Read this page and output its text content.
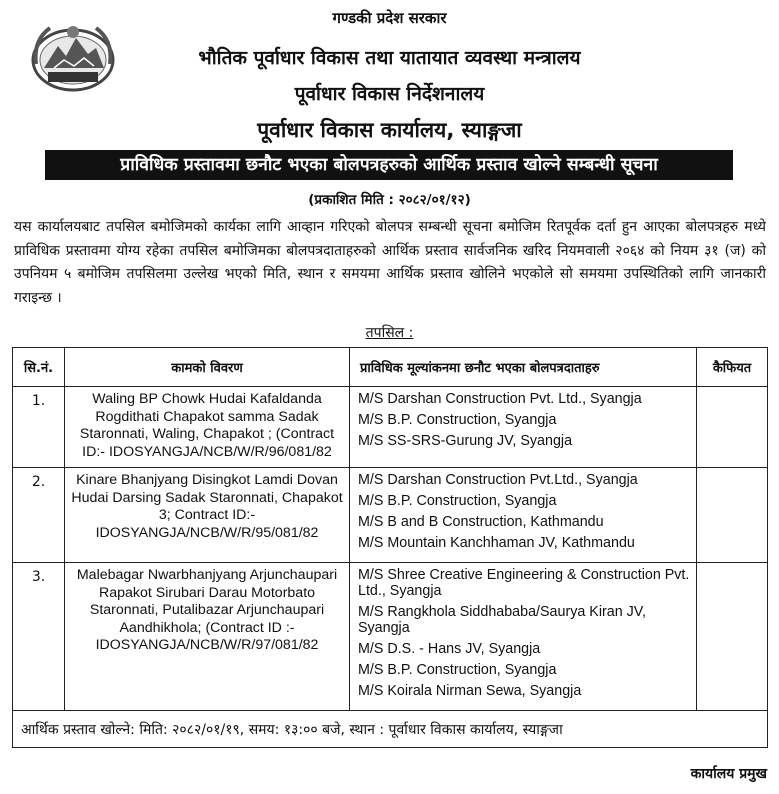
गण्डकी प्रदेश सरकार
भौतिक पूर्वाधार विकास तथा यातायात व्यवस्था मन्त्रालय
पूर्वाधार विकास निर्देशनालय
पूर्वाधार विकास कार्यालय, स्याङ्गजा
प्राविधिक प्रस्तावमा छनौट भएका बोलपत्रहरुको आर्थिक प्रस्ताव खोल्ने सम्बन्धी सूचना
(प्रकाशित मिति : २०८२/०१/१२)

यस कार्यालयबाट तपसिल बमोजिमको कार्यका लागि आव्हान गरिएको बोलपत्र सम्बन्धी सूचना बमोजिम रितपूर्वक दर्ता हुन आएका बोलपत्रहरु मध्ये प्राविधिक प्रस्तावमा योग्य रहेका तपसिल बमोजिमका बोलपत्रदाताहरुको आर्थिक प्रस्ताव सार्वजनिक खरिद नियमवाली २०६४ को नियम ३१ (ज) को उपनियम ५ बमोजिम तपसिलमा उल्लेख भएको मिति, स्थान र समयमा आर्थिक प्रस्ताव खोलिने भएकोले सो समयमा उपस्थितिको लागि जानकारी गराइन्छ ।

तपसिल :
सि.नं.	कामको विवरण	प्राविधिक मूल्यांकनमा छनौट भएका बोलपत्रदाताहरु	कैफियत
1.	Waling BP Chowk Hudai Kafaldanda Rogdithati Chapakot samma Sadak Staronnati, Waling, Chapakot ; (Contract ID:- IDOSYANGJA/NCB/W/R/96/081/82	M/S Darshan Construction Pvt. Ltd., Syangja
M/S B.P. Construction, Syangja
M/S SS-SRS-Gurung JV, Syangja	

2.	Kinare Bhanjyang Disingkot Lamdi Dovan Hudai Darsing Sadak Staronnati, Chapakot 3; Contract ID:- IDOSYANGJA/NCB/W/R/95/081/82	M/S Darshan Construction Pvt.Ltd., Syangja
M/S B.P. Construction, Syangja
M/S B and B Construction, Kathmandu
M/S Mountain Kanchhaman JV, Kathmandu	

3.	Malebagar Nwarbhanjyang Arjunchaupari Rapakot Sirubari Darau Motorbato Staronnati, Putalibazar Arjunchaupari Aandhikhola; (Contract ID :- IDOSYANGJA/NCB/W/R/97/081/82	M/S Shree Creative Engineering & Construction Pvt. Ltd., Syangja
M/S Rangkhola Siddhababa/Saurya Kiran JV, Syangja
M/S D.S. - Hans JV, Syangja
M/S B.P. Construction, Syangja
M/S Koirala Nirman Sewa, Syangja	

आर्थिक प्रस्ताव खोल्ने: मिति: २०८२/०१/१९, समय: १३:०० बजे, स्थान : पूर्वाधार विकास कार्यालय, स्याङ्गजा			
कार्यालय प्रमुख
